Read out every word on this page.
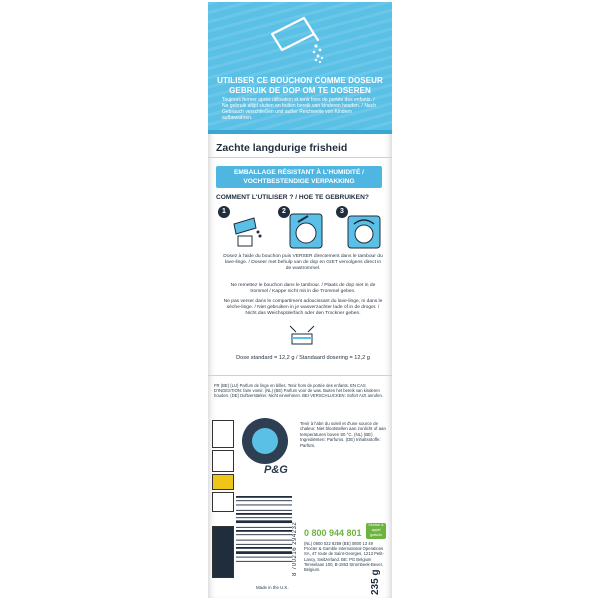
UTILISER CE BOUCHON COMME DOSEUR
GEBRUIK DE DOP OM TE DOSEREN
Toujours fermer après utilisation et tenir hors de portée des enfants. / Na gebruik altijd sluiten en buiten bereik van kinderen houden. / Nach Gebrauch verschließen und außer Reichweite von Kindern aufbewahren.
Zachte langdurige frisheid
EMBALLAGE RÉSISTANT À L'HUMIDITÉ /
VOCHTBESTENDIGE VERPAKKING
COMMENT L'UTILISER ? / HOE TE GEBRUIKEN?
1	2	3
Dosez à l'aide du bouchon puis VERSER directement dans le tambour du lave-linge. / Doseer met behulp van de dop en GIET vervolgens direct in de wastrommel.
Ne remettez le bouchon dans le tambour. / Plaats de dop niet in de trommel / Kappe nicht mit in die Trommel geben.
Ne pas verser dans le compartiment adoucissant du lave-linge, ni dans le sèche-linge. / Niet gebruiken in je wasverzachter lade of in de droger. / Nicht das Weichspülerfach oder den Trockner geben.
Dose standard = 12,2 g / Standaard dosering = 12,2 g
FR (BE) (LU) Parfum de linge en billes. Tenir hors de portée des enfants. EN CAS D'INGESTION: faire vomir. (NL) (BE) Parfum voor de was. Buiten het bereik van kinderen houden. (DE) Duftverstärker. Nicht einnehmen. BEI VERSCHLUCKEN: Sofort Arzt anrufen.
Tenir à l'abri du soleil et d'une source de chaleur. Niet blootstellen aan zonlicht of aan temperaturen boven 50 °C. (NL) (BE) Ingrediënten: Parfums. (DE) Inhaltsstoffe: Parfüm.
P&G
8 700216 294232 0 800 944 801
Service & appel gratuits
(NL) 0800 022 8259 (BE) 0800 13 49 Procter & Gamble International Operations SA, 47 route de Saint-Georges, 1213 Petit-Lancy, Switzerland. BE: PG Belgium Temselaan 100, B-1853 Strombeek-Bever, Belgium.	235 g
Made in the U.K.
